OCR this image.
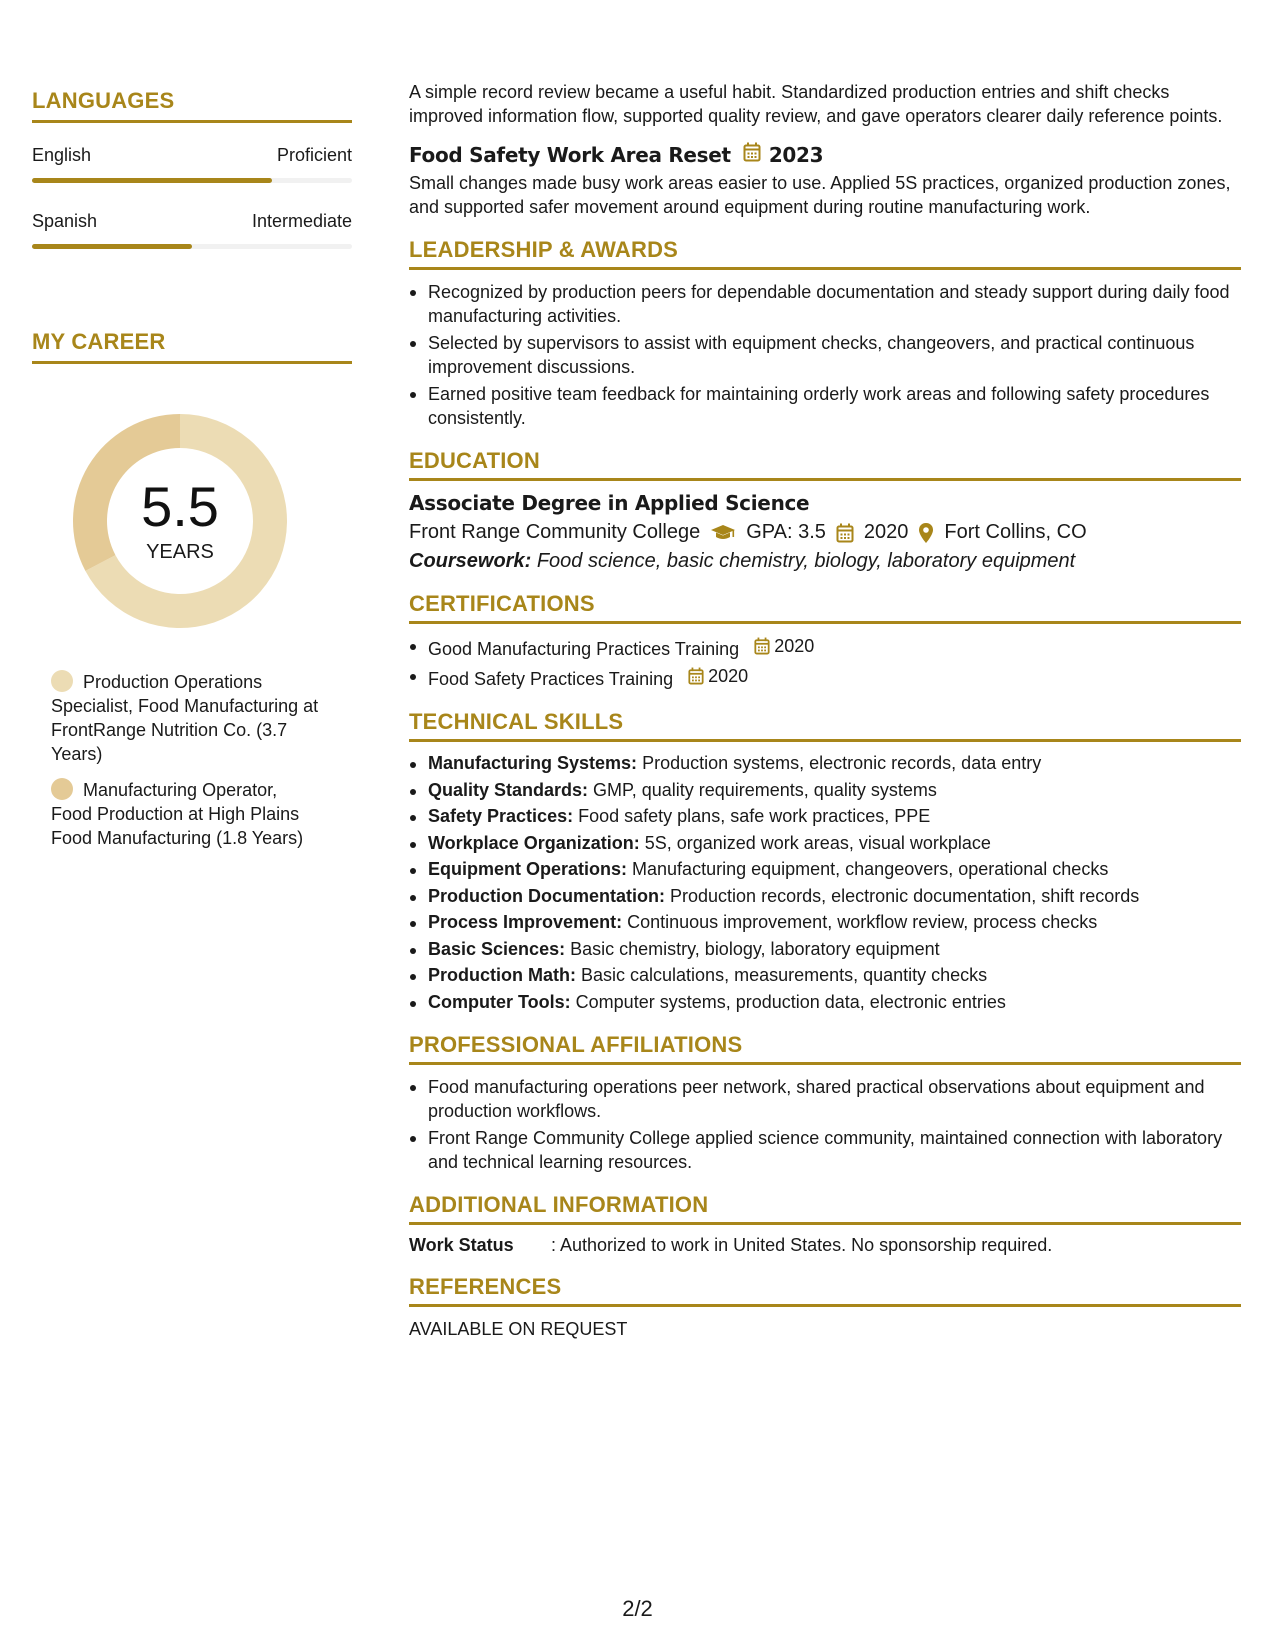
LANGUAGES
English	Proficient
Spanish	Intermediate
MY CAREER
5.5
YEARS
Production Operations Specialist, Food Manufacturing at FrontRange Nutrition Co. (3.7 Years)
Manufacturing Operator, Food Production at High Plains Food Manufacturing (1.8 Years)
A simple record review became a useful habit. Standardized production entries and shift checks improved information flow, supported quality review, and gave operators clearer daily reference points.
Food Safety Work Area Reset 2023
Small changes made busy work areas easier to use. Applied 5S practices, organized production zones, and supported safer movement around equipment during routine manufacturing work.
LEADERSHIP & AWARDS
Recognized by production peers for dependable documentation and steady support during daily food manufacturing activities.
Selected by supervisors to assist with equipment checks, changeovers, and practical continuous improvement discussions.
Earned positive team feedback for maintaining orderly work areas and following safety procedures consistently.
EDUCATION
Associate Degree in Applied Science
Front Range Community College GPA: 3.5 2020 Fort Collins, CO
Coursework: Food science, basic chemistry, biology, laboratory equipment
CERTIFICATIONS
Good Manufacturing Practices Training 2020
Food Safety Practices Training 2020
TECHNICAL SKILLS
Manufacturing Systems: Production systems, electronic records, data entry
Quality Standards: GMP, quality requirements, quality systems
Safety Practices: Food safety plans, safe work practices, PPE
Workplace Organization: 5S, organized work areas, visual workplace
Equipment Operations: Manufacturing equipment, changeovers, operational checks
Production Documentation: Production records, electronic documentation, shift records
Process Improvement: Continuous improvement, workflow review, process checks
Basic Sciences: Basic chemistry, biology, laboratory equipment
Production Math: Basic calculations, measurements, quantity checks
Computer Tools: Computer systems, production data, electronic entries
PROFESSIONAL AFFILIATIONS
Food manufacturing operations peer network, shared practical observations about equipment and production workflows.
Front Range Community College applied science community, maintained connection with laboratory and technical learning resources.
ADDITIONAL INFORMATION
Work Status	: Authorized to work in United States. No sponsorship required.
REFERENCES
AVAILABLE ON REQUEST
2/2
